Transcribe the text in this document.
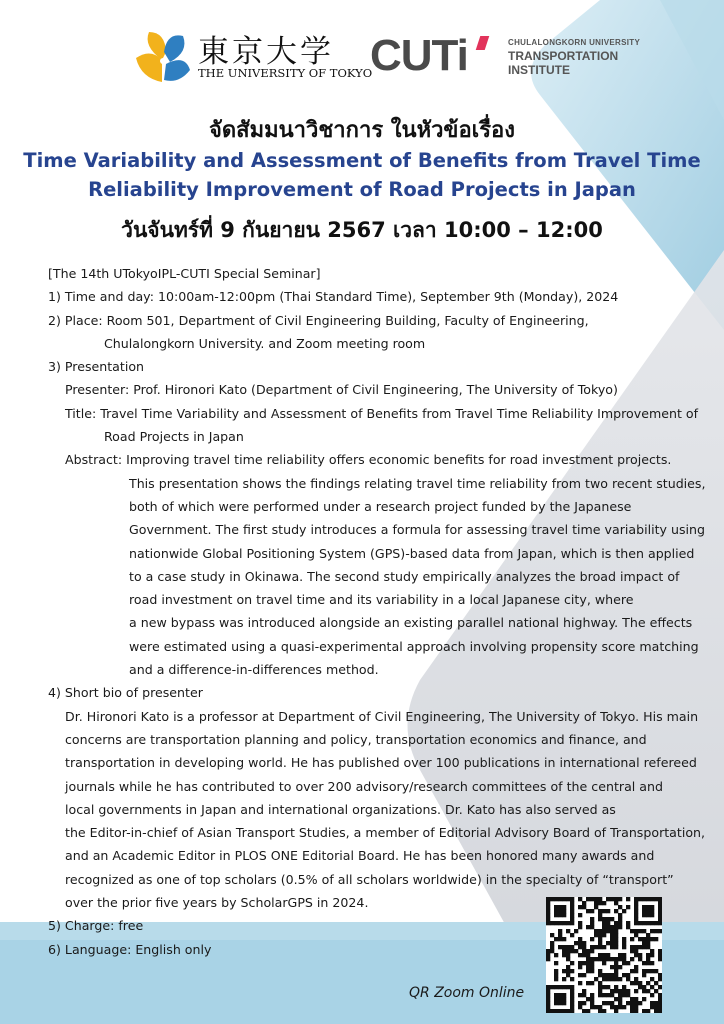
東京大学
THE UNIVERSITY OF TOKYO
CUTi	CHULALONGKORN UNIVERSITY
TRANSPORTATION
INSTITUTE
จัดสัมมนาวิชาการ ในหัวข้อเรื่อง
Time Variability and Assessment of Benefits from Travel Time
Reliability Improvement of Road Projects in Japan
วันจันทร์ที่ 9 กันยายน 2567 เวลา 10:00 – 12:00

[The 14th UTokyoIPL-CUTI Special Seminar]

1) Time and day: 10:00am-12:00pm (Thai Standard Time), September 9th (Monday), 2024

2) Place: Room 501, Department of Civil Engineering Building, Faculty of Engineering,

Chulalongkorn University. and Zoom meeting room

3) Presentation

Presenter: Prof. Hironori Kato (Department of Civil Engineering, The University of Tokyo)

Title: Travel Time Variability and Assessment of Benefits from Travel Time Reliability Improvement of

Road Projects in Japan

Abstract: Improving travel time reliability offers economic benefits for road investment projects.

This presentation shows the findings relating travel time reliability from two recent studies,

both of which were performed under a research project funded by the Japanese

Government. The first study introduces a formula for assessing travel time variability using

nationwide Global Positioning System (GPS)-based data from Japan, which is then applied

to a case study in Okinawa. The second study empirically analyzes the broad impact of

road investment on travel time and its variability in a local Japanese city, where

a new bypass was introduced alongside an existing parallel national highway. The effects

were estimated using a quasi-experimental approach involving propensity score matching

and a difference-in-differences method.

4) Short bio of presenter

Dr. Hironori Kato is a professor at Department of Civil Engineering, The University of Tokyo. His main

concerns are transportation planning and policy, transportation economics and finance, and

transportation in developing world. He has published over 100 publications in international refereed

journals while he has contributed to over 200 advisory/research committees of the central and

local governments in Japan and international organizations. Dr. Kato has also served as

the Editor-in-chief of Asian Transport Studies, a member of Editorial Advisory Board of Transportation,

and an Academic Editor in PLOS ONE Editorial Board. He has been honored many awards and

recognized as one of top scholars (0.5% of all scholars worldwide) in the specialty of “transport”

over the prior five years by ScholarGPS in 2024.

5) Charge: free

6) Language: English only

QR Zoom Online
